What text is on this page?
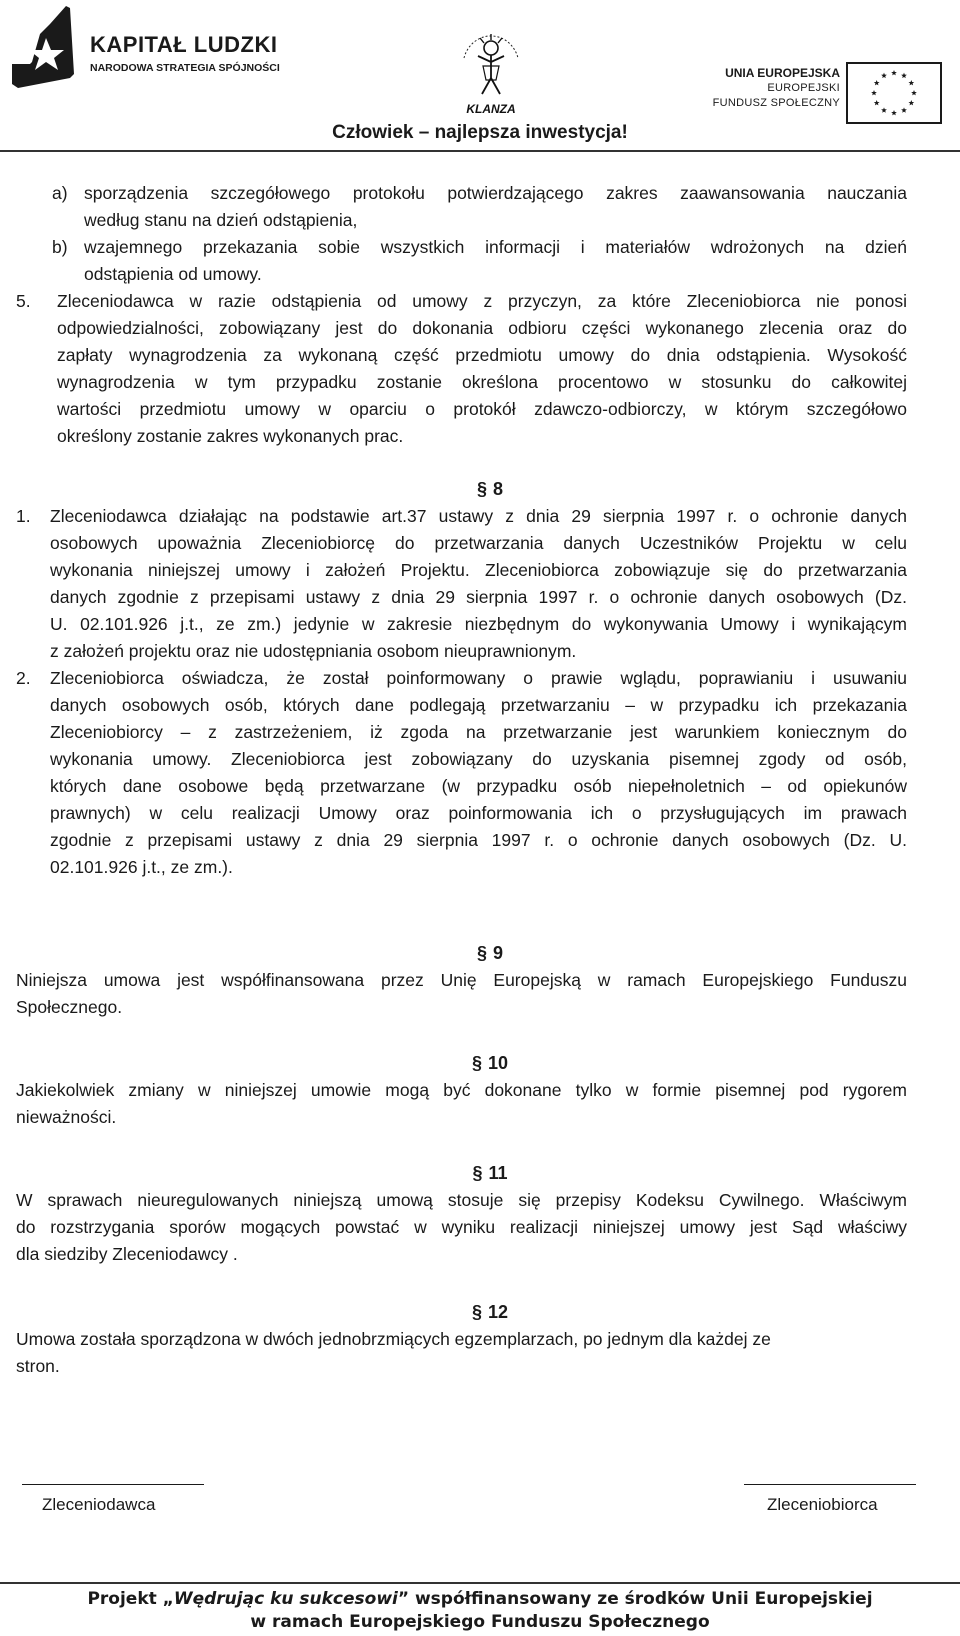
KAPITAŁ LUDZKI
NARODOWA STRATEGIA SPÓJNOŚCI
KLANZA
UNIA EUROPEJSKA
EUROPEJSKI
FUNDUSZ SPOŁECZNY
Człowiek – najlepsza inwestycja!
a) sporządzenia szczegółowego protokołu potwierdzającego zakres zaawansowania nauczania
według stanu na dzień odstąpienia,
b) wzajemnego przekazania sobie wszystkich informacji i materiałów wdrożonych na dzień
odstąpienia od umowy.
5. Zleceniodawca w razie odstąpienia od umowy z przyczyn, za które Zleceniobiorca nie ponosi
odpowiedzialności, zobowiązany jest do dokonania odbioru części wykonanego zlecenia oraz do
zapłaty wynagrodzenia za wykonaną część przedmiotu umowy do dnia odstąpienia. Wysokość
wynagrodzenia w tym przypadku zostanie określona procentowo w stosunku do całkowitej
wartości przedmiotu umowy w oparciu o protokół zdawczo-odbiorczy, w którym szczegółowo
określony zostanie zakres wykonanych prac.
§ 8
1. Zleceniodawca działając na podstawie art.37 ustawy z dnia 29 sierpnia 1997 r. o ochronie danych
osobowych upoważnia Zleceniobiorcę do przetwarzania danych Uczestników Projektu w celu
wykonania niniejszej umowy i założeń Projektu. Zleceniobiorca zobowiązuje się do przetwarzania
danych zgodnie z przepisami ustawy z dnia 29 sierpnia 1997 r. o ochronie danych osobowych (Dz.
U. 02.101.926 j.t., ze zm.) jedynie w zakresie niezbędnym do wykonywania Umowy i wynikającym
z założeń projektu oraz nie udostępniania osobom nieuprawnionym.
2. Zleceniobiorca oświadcza, że został poinformowany o prawie wglądu, poprawianiu i usuwaniu
danych osobowych osób, których dane podlegają przetwarzaniu – w przypadku ich przekazania
Zleceniobiorcy – z zastrzeżeniem, iż zgoda na przetwarzanie jest warunkiem koniecznym do
wykonania umowy. Zleceniobiorca jest zobowiązany do uzyskania pisemnej zgody od osób,
których dane osobowe będą przetwarzane (w przypadku osób niepełnoletnich – od opiekunów
prawnych) w celu realizacji Umowy oraz poinformowania ich o przysługujących im prawach
zgodnie z przepisami ustawy z dnia 29 sierpnia 1997 r. o ochronie danych osobowych (Dz. U.
02.101.926 j.t., ze zm.).
§ 9
Niniejsza umowa jest współfinansowana przez Unię Europejską w ramach Europejskiego Funduszu
Społecznego.
§ 10
Jakiekolwiek zmiany w niniejszej umowie mogą być dokonane tylko w formie pisemnej pod rygorem
nieważności.
§ 11
W sprawach nieuregulowanych niniejszą umową stosuje się przepisy Kodeksu Cywilnego. Właściwym
do rozstrzygania sporów mogących powstać w wyniku realizacji niniejszej umowy jest Sąd właściwy
dla siedziby Zleceniodawcy .
§ 12
Umowa została sporządzona w dwóch jednobrzmiących egzemplarzach, po jednym dla każdej ze
stron.
Zleceniodawca	Zleceniobiorca
Projekt „Wędrując ku sukcesowi” współfinansowany ze środków Unii Europejskiej
w ramach Europejskiego Funduszu Społecznego
